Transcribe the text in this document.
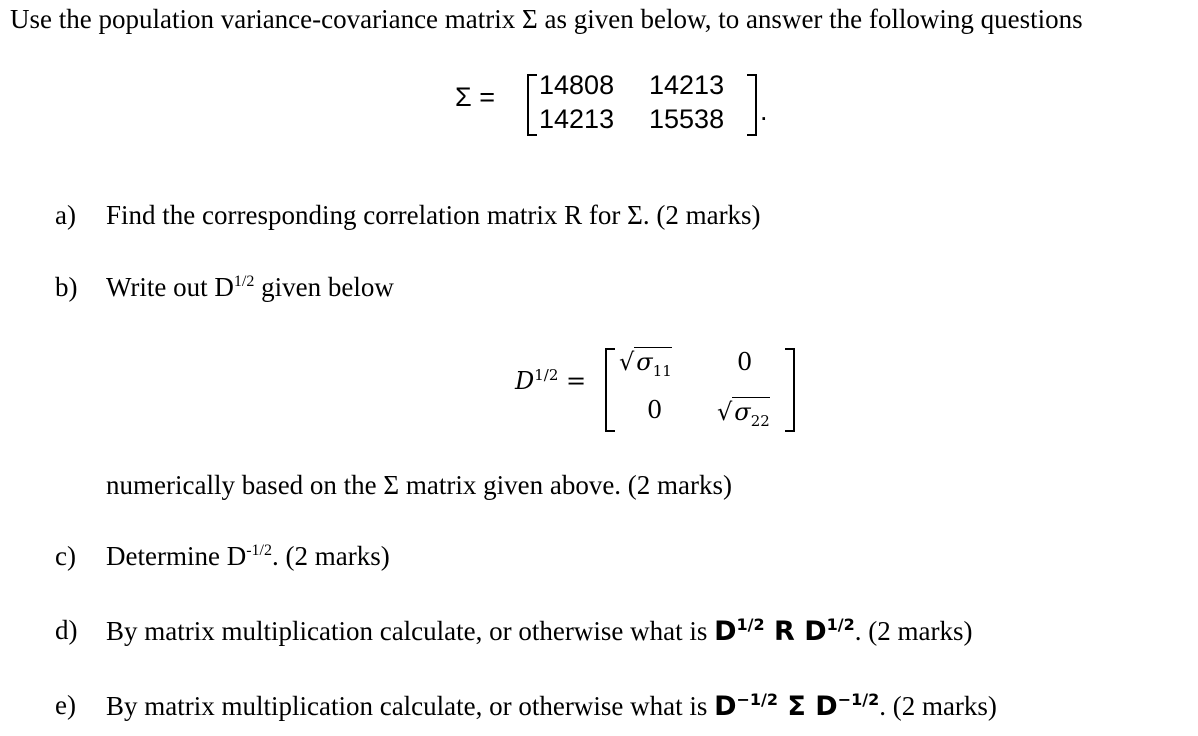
Use the population variance-covariance matrix Σ as given below, to answer the following questions
Σ = 14808 14213
14213 15538 .
a) Find the corresponding correlation matrix R for Σ. (2 marks)
b) Write out $D^{1/2}$ given below
$D^{1/2}$ =
$√\sigma_{11}$	0
0 $√\sigma_{22}$
numerically based on the Σ matrix given above. (2 marks)
c) Determine $D^{-1/2}$. (2 marks)
d) By matrix multiplication calculate, or otherwise what is $D^{1/2}$ R $D^{1/2}$. (2 marks)
e) By matrix multiplication calculate, or otherwise what is $D^{-1/2}$ Σ $D^{-1/2}$. (2 marks)
